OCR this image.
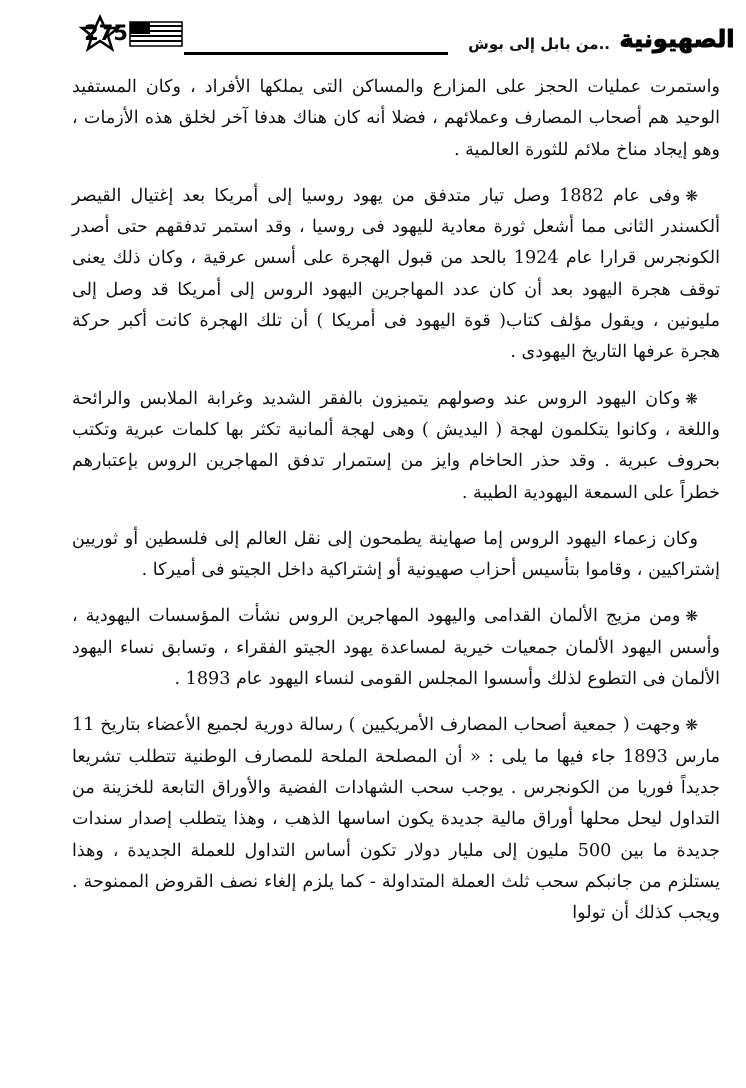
275	..من بابل إلى بوش الصهيونية

واستمرت عمليات الحجز على المزارع والمساكن التى يملكها الأفراد ، وكان المستفيد الوحيد هم أصحاب المصارف وعملائهم ، فضلا أنه كان هناك هدفا آخر لخلق هذه الأزمات ، وهو إيجاد مناخ ملائم للثورة العالمية .

❋وفى عام 1882 وصل تيار متدفق من يهود روسيا إلى أمريكا بعد إغتيال القيصر ألكسندر الثانى مما أشعل ثورة معادية لليهود فى روسيا ، وقد استمر تدفقهم حتى أصدر الكونجرس قرارا عام 1924 بالحد من قبول الهجرة على أسس عرقية ، وكان ذلك يعنى توقف هجرة اليهود بعد أن كان عدد المهاجرين اليهود الروس إلى أمريكا قد وصل إلى مليونين ، ويقول مؤلف كتاب( قوة اليهود فى أمريكا ) أن تلك الهجرة كانت أكبر حركة هجرة عرفها التاريخ اليهودى .

❋وكان اليهود الروس عند وصولهم يتميزون بالفقر الشديد وغرابة الملابس والرائحة واللغة ، وكانوا يتكلمون لهجة ( اليديش ) وهى لهجة ألمانية تكثر بها كلمات عبرية وتكتب بحروف عبرية . وقد حذر الحاخام وايز من إستمرار تدفق المهاجرين الروس بإعتبارهم خطراً على السمعة اليهودية الطيبة .

وكان زعماء اليهود الروس إما صهاينة يطمحون إلى نقل العالم إلى فلسطين أو ثوريين إشتراكيين ، وقاموا بتأسيس أحزاب صهيونية أو إشتراكية داخل الجيتو فى أميركا .

❋ومن مزيج الألمان القدامى واليهود المهاجرين الروس نشأت المؤسسات اليهودية ، وأسس اليهود الألمان جمعيات خيرية لمساعدة يهود الجيتو الفقراء ، وتسابق نساء اليهود الألمان فى التطوع لذلك وأسسوا المجلس القومى لنساء اليهود عام 1893 .

❋وجهت ( جمعية أصحاب المصارف الأمريكيين ) رسالة دورية لجميع الأعضاء بتاريخ 11 مارس 1893 جاء فيها ما يلى : « أن المصلحة الملحة للمصارف الوطنية تتطلب تشريعا جديداً فوريا من الكونجرس . يوجب سحب الشهادات الفضية والأوراق التابعة للخزينة من التداول ليحل محلها أوراق مالية جديدة يكون اساسها الذهب ، وهذا يتطلب إصدار سندات جديدة ما بين 500 مليون إلى مليار دولار تكون أساس التداول للعملة الجديدة ، وهذا يستلزم من جانبكم سحب ثلث العملة المتداولة - كما يلزم إلغاء نصف القروض الممنوحة . ويجب كذلك أن تولوا
